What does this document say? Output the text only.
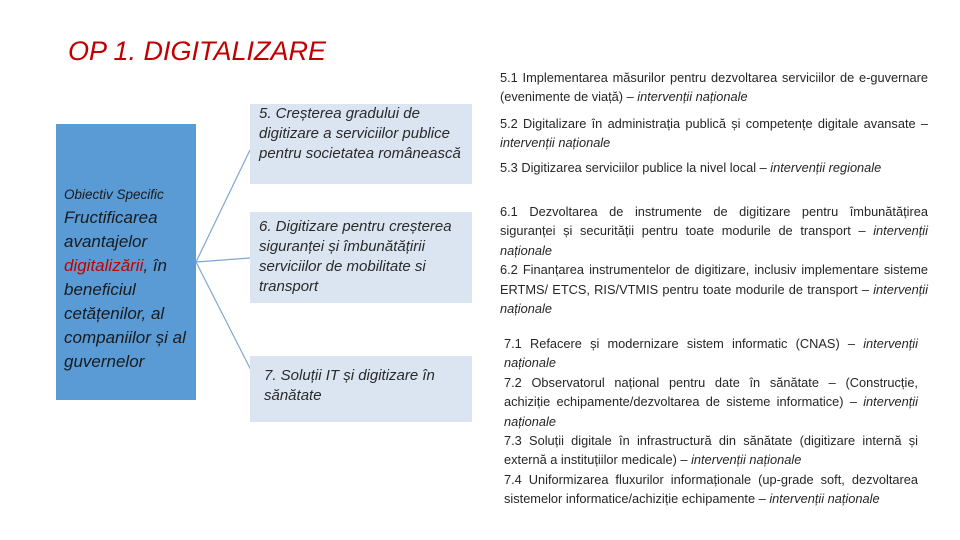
OP 1. DIGITALIZARE
Obiectiv Specific
Fructificarea avantajelor digitalizării, în beneficiul cetățenilor, al companiilor și al guvernelor
5. Creșterea gradului de digitizare a serviciilor publice pentru societatea românească
6. Digitizare pentru creșterea siguranței și îmbunătățirii serviciilor de mobilitate si transport
7. Soluții IT și digitizare în sănătate
5.1 Implementarea măsurilor pentru dezvoltarea serviciilor de e-guvernare (evenimente de viață) – intervenții naționale
5.2 Digitalizare în administrația publică și competențe digitale avansate – intervenții naționale
5.3 Digitizarea serviciilor publice la nivel local – intervenții regionale
6.1 Dezvoltarea de instrumente de digitizare pentru îmbunătățirea siguranței și securității pentru toate modurile de transport – intervenții naționale
6.2 Finanțarea instrumentelor de digitizare, inclusiv implementare sisteme ERTMS/ ETCS, RIS/VTMIS pentru toate modurile de transport – intervenții naționale
7.1 Refacere și modernizare sistem informatic (CNAS) – intervenții naționale
7.2 Observatorul național pentru date în sănătate – (Construcție, achiziție echipamente/dezvoltarea de sisteme informatice) – intervenții naționale
7.3 Soluții digitale în infrastructură din sănătate (digitizare internă și externă a instituțiilor medicale) – intervenții naționale
7.4 Uniformizarea fluxurilor informaționale (up-grade soft, dezvoltarea sistemelor informatice/achiziție echipamente – intervenții naționale
